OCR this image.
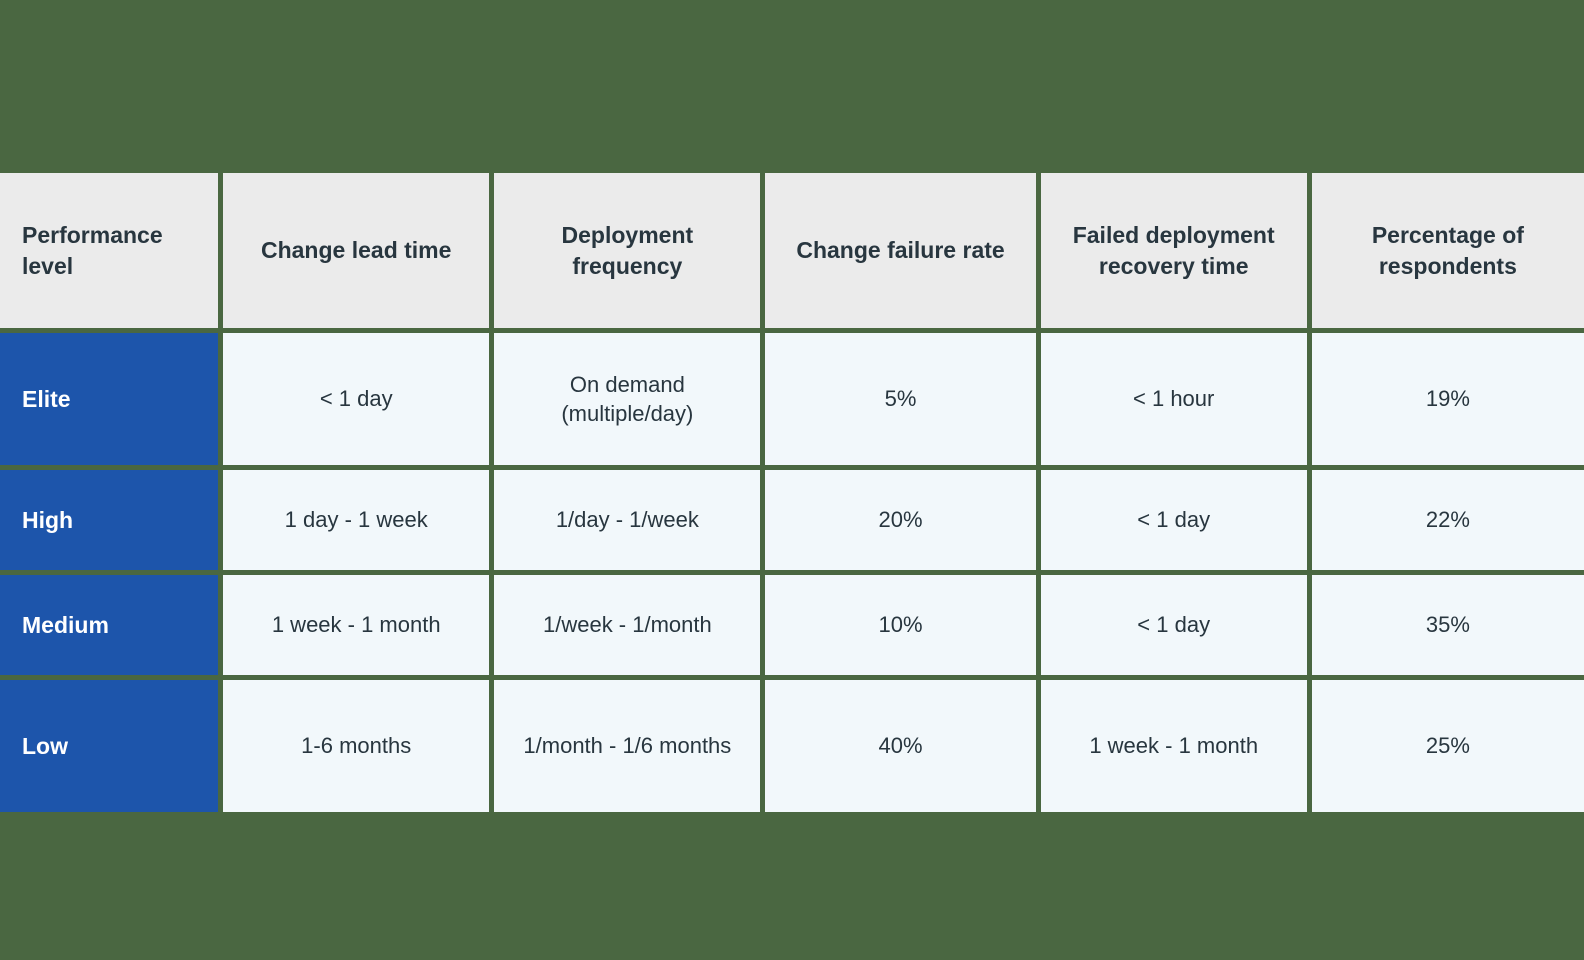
Performance level	Change lead time	Deployment frequency	Change failure rate	Failed deployment recovery time	Percentage of respondents
Elite	< 1 day	On demand (multiple/day)	5%	< 1 hour	19%
High	1 day - 1 week	1/day - 1/week	20%	< 1 day	22%
Medium	1 week - 1 month	1/week - 1/month	10%	< 1 day	35%
Low	1-6 months	1/month - 1/6 months	40%	1 week - 1 month	25%
